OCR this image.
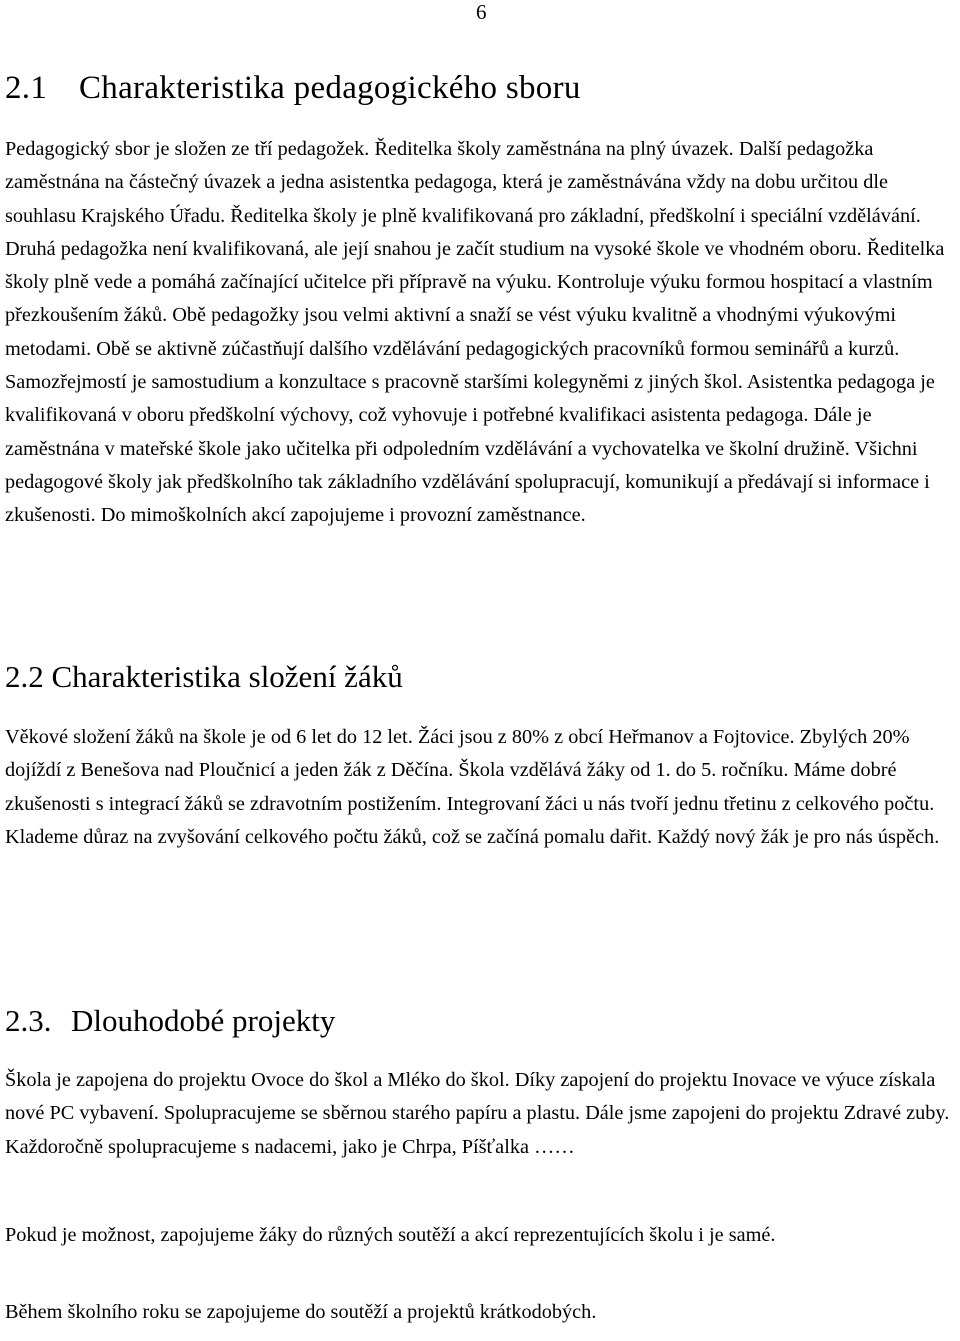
6
2.1 Charakteristika pedagogického sboru

Pedagogický sbor je složen ze tří pedagožek. Ředitelka školy zaměstnána na plný úvazek. Další pedagožka zaměstnána na částečný úvazek a jedna asistentka pedagoga, která je zaměstnávána vždy na dobu určitou dle souhlasu Krajského Úřadu. Ředitelka školy je plně kvalifikovaná pro základní, předškolní i speciální vzdělávání. Druhá pedagožka není kvalifikovaná, ale její snahou je začít studium na vysoké škole ve vhodném oboru. Ředitelka školy plně vede a pomáhá začínající učitelce při přípravě na výuku. Kontroluje výuku formou hospitací a vlastním přezkoušením žáků. Obě pedagožky jsou velmi aktivní a snaží se vést výuku kvalitně a vhodnými výukovými metodami. Obě se aktivně zúčastňují dalšího vzdělávání pedagogických pracovníků formou seminářů a kurzů. Samozřejmostí je samostudium a konzultace s pracovně staršími kolegyněmi z jiných škol. Asistentka pedagoga je kvalifikovaná v oboru předškolní výchovy, což vyhovuje i potřebné kvalifikaci asistenta pedagoga. Dále je zaměstnána v mateřské škole jako učitelka při odpoledním vzdělávání a vychovatelka ve školní družině. Všichni pedagogové školy jak předškolního tak základního vzdělávání spolupracují, komunikují a předávají si informace i zkušenosti. Do mimoškolních akcí zapojujeme i provozní zaměstnance.

2.2 Charakteristika složení žáků

Věkové složení žáků na škole je od 6 let do 12 let. Žáci jsou z 80% z obcí Heřmanov a Fojtovice. Zbylých 20% dojíždí z Benešova nad Ploučnicí a jeden žák z Děčína. Škola vzdělává žáky od 1. do 5. ročníku. Máme dobré zkušenosti s integrací žáků se zdravotním postižením. Integrovaní žáci u nás tvoří jednu třetinu z celkového počtu. Klademe důraz na zvyšování celkového počtu žáků, což se začíná pomalu dařit. Každý nový žák je pro nás úspěch.

2.3. Dlouhodobé projekty

Škola je zapojena do projektu Ovoce do škol a Mléko do škol. Díky zapojení do projektu Inovace ve výuce získala nové PC vybavení. Spolupracujeme se sběrnou starého papíru a plastu. Dále jsme zapojeni do projektu Zdravé zuby. Každoročně spolupracujeme s nadacemi, jako je Chrpa, Píšťalka ……

Pokud je možnost, zapojujeme žáky do různých soutěží a akcí reprezentujících školu i je samé.

Během školního roku se zapojujeme do soutěží a projektů krátkodobých.
